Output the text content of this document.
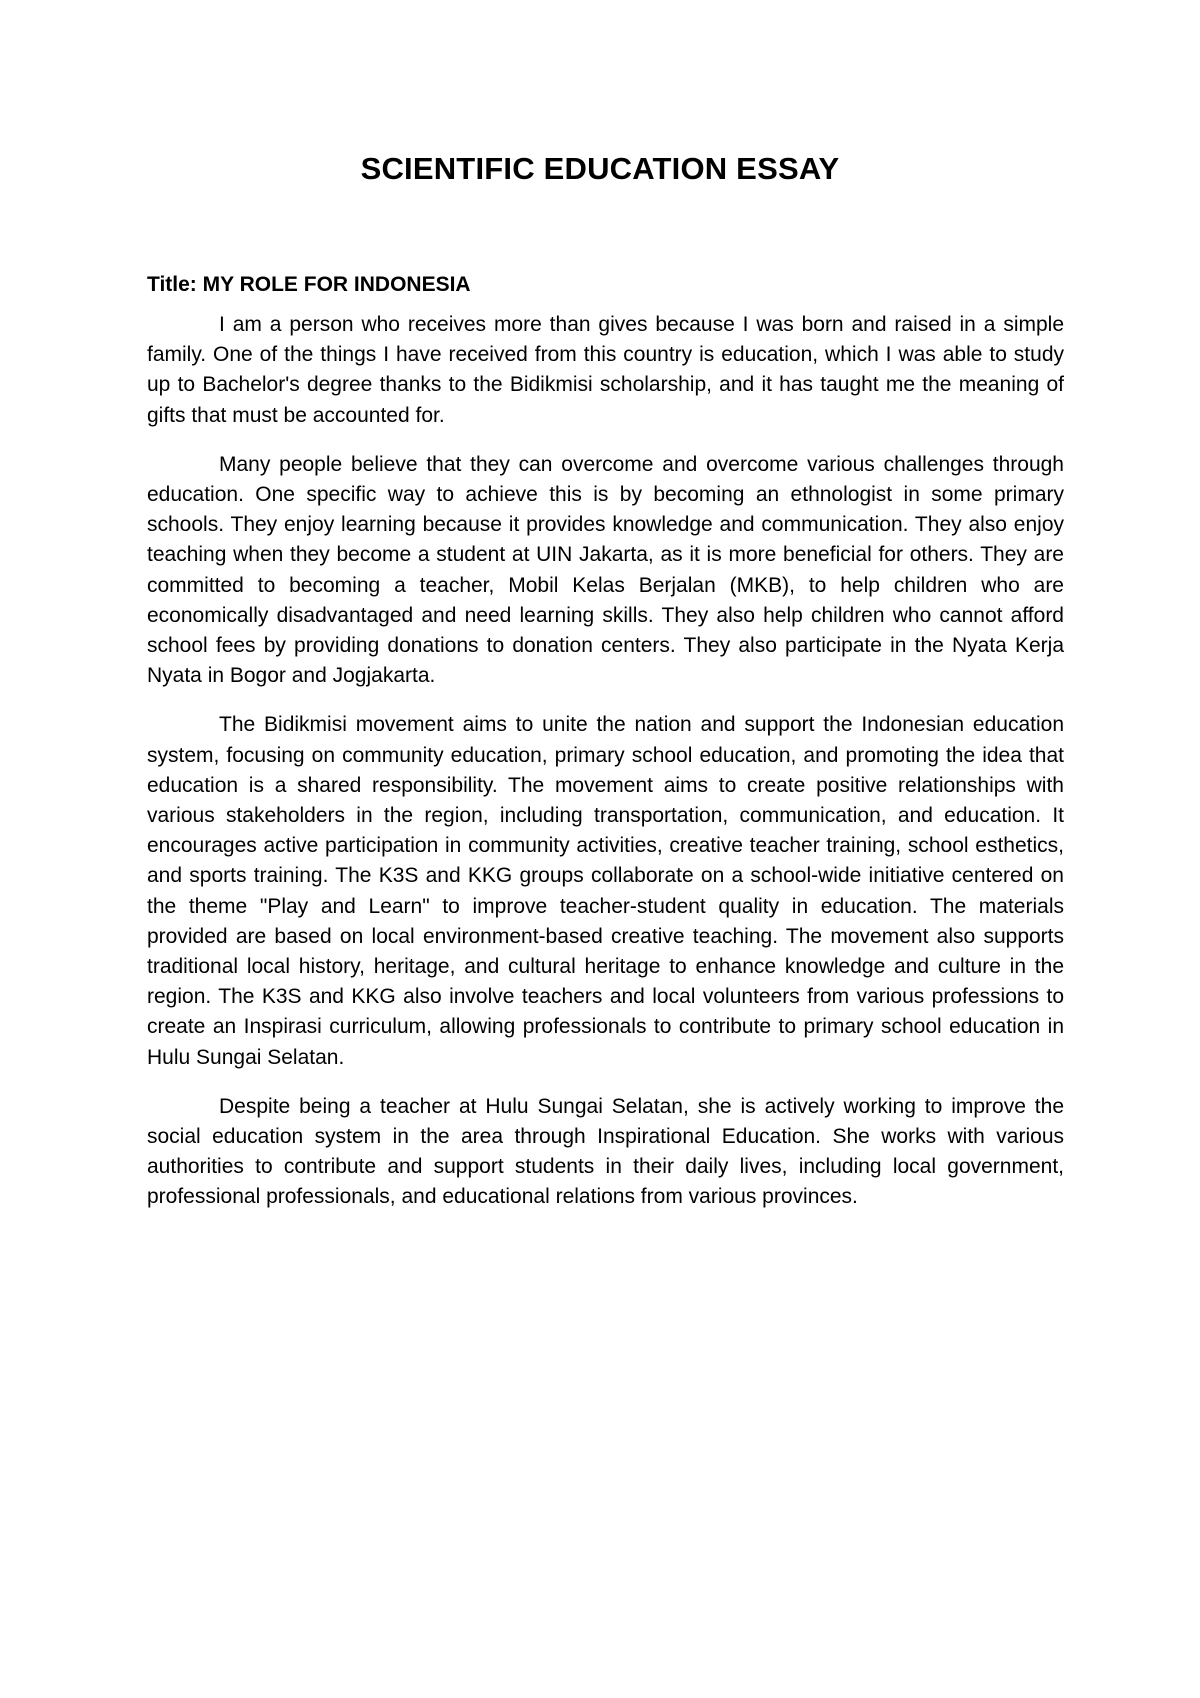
SCIENTIFIC EDUCATION ESSAY
Title: MY ROLE FOR INDONESIA

I am a person who receives more than gives because I was born and raised in a simple family. One of the things I have received from this country is education, which I was able to study up to Bachelor's degree thanks to the Bidikmisi scholarship, and it has taught me the meaning of gifts that must be accounted for.

Many people believe that they can overcome and overcome various challenges through education. One specific way to achieve this is by becoming an ethnologist in some primary schools. They enjoy learning because it provides knowledge and communication. They also enjoy teaching when they become a student at UIN Jakarta, as it is more beneficial for others. They are committed to becoming a teacher, Mobil Kelas Berjalan (MKB), to help children who are economically disadvantaged and need learning skills. They also help children who cannot afford school fees by providing donations to donation centers. They also participate in the Nyata Kerja Nyata in Bogor and Jogjakarta.

The Bidikmisi movement aims to unite the nation and support the Indonesian education system, focusing on community education, primary school education, and promoting the idea that education is a shared responsibility. The movement aims to create positive relationships with various stakeholders in the region, including transportation, communication, and education. It encourages active participation in community activities, creative teacher training, school esthetics, and sports training. The K3S and KKG groups collaborate on a school-wide initiative centered on the theme "Play and Learn" to improve teacher-student quality in education. The materials provided are based on local environment-based creative teaching. The movement also supports traditional local history, heritage, and cultural heritage to enhance knowledge and culture in the region. The K3S and KKG also involve teachers and local volunteers from various professions to create an Inspirasi curriculum, allowing professionals to contribute to primary school education in Hulu Sungai Selatan.

Despite being a teacher at Hulu Sungai Selatan, she is actively working to improve the social education system in the area through Inspirational Education. She works with various authorities to contribute and support students in their daily lives, including local government, professional professionals, and educational relations from various provinces.
